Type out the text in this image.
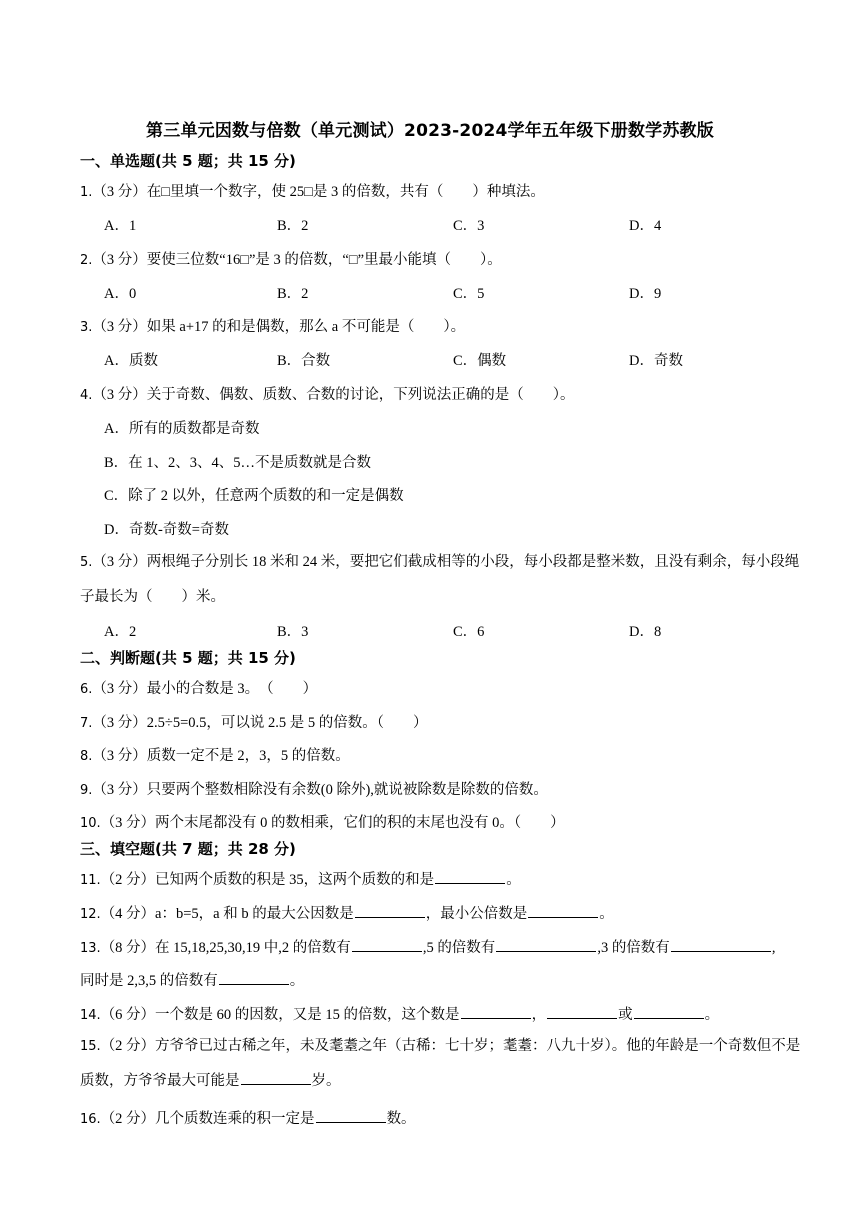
第三单元因数与倍数（单元测试）2023-2024学年五年级下册数学苏教版
一、单选题(共 5 题；共 15 分)
1.（3 分）在□里填一个数字，使 25□是 3 的倍数，共有（　　）种填法。
A．1	B．2	C．3	D．4
2.（3 分）要使三位数“16□”是 3 的倍数，“□”里最小能填（　　）。
A．0	B．2	C．5	D．9
3.（3 分）如果 a+17 的和是偶数，那么 a 不可能是（　　）。
A．质数	B．合数	C．偶数	D．奇数
4.（3 分）关于奇数、偶数、质数、合数的讨论，下列说法正确的是（　　）。
A．所有的质数都是奇数
B．在 1、2、3、4、5…不是质数就是合数
C．除了 2 以外，任意两个质数的和一定是偶数
D．奇数-奇数=奇数
5.（3 分）两根绳子分别长 18 米和 24 米，要把它们截成相等的小段，每小段都是整米数，且没有剩余，每小段绳子最长为（　　）米。
A．2	B．3	C．6	D．8
二、判断题(共 5 题；共 15 分)
6.（3 分）最小的合数是 3。　（　　）
7.（3 分）2.5÷5=0.5，可以说 2.5 是 5 的倍数。（　　）
8.（3 分）质数一定不是 2，3，5 的倍数。
9.（3 分）只要两个整数相除没有余数(0 除外),就说被除数是除数的倍数。
10.（3 分）两个末尾都没有 0 的数相乘，它们的积的末尾也没有 0。（　　）
三、填空题(共 7 题；共 28 分)
11.（2 分）已知两个质数的积是 35，这两个质数的和是	。
12.（4 分）a：b=5，a 和 b 的最大公因数是	，最小公倍数是	。
13.（8 分）在 15,18,25,30,19 中,2 的倍数有	,5 的倍数有	,3 的倍数有	,
同时是 2,3,5 的倍数有	。
14.（6 分）一个数是 60 的因数，又是 15 的倍数，这个数是	，	或	。
15.（2 分）方爷爷已过古稀之年，未及耄耋之年（古稀：七十岁；耄耋：八九十岁）。他的年龄是一个奇数但不是质数，方爷爷最大可能是	岁。
16.（2 分）几个质数连乘的积一定是	数。
